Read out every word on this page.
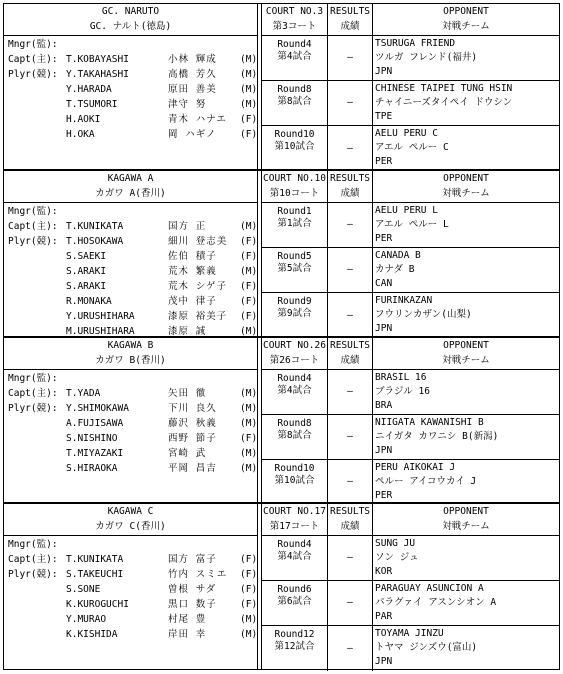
GC. NARUTO
GC. ナルト(徳島)
Mngr(監):
Capt(主): T.KOBAYASHI	小林 輝成	(M)
Plyr(競): Y.TAKAHASHI	高橋 芳久	(M)
Y.HARADA	原田 善美	(M)
T.TSUMORI	津守 努	(M)
H.AOKI	青木 ハナエ	(F)
H.OKA	岡 ハギノ	(F)
COURT NO.3
第3コート
RESULTS
成績
OPPONENT
対戦チーム
Round4
第4試合	—
TSURUGA FRIEND
ツルガ フレンド(福井)
JPN
Round8
第8試合	—
CHINESE TAIPEI TUNG HSIN
チャイニーズタイペイ ドウシン
TPE
Round10
第10試合	—
AELU PERU C
アエル ペルー C
PER
KAGAWA A
カガワ A(香川)
Mngr(監):
Capt(主): T.KUNIKATA	国方 正	(M)
Plyr(競): T.HOSOKAWA	細川 登志美	(F)
S.SAEKI	佐伯 積子	(F)
S.ARAKI	荒木 繁義	(M)
S.ARAKI	荒木 シゲ子	(F)
R.MONAKA	茂中 律子	(F)
Y.URUSHIHARA	漆原 裕美子	(F)
M.URUSHIHARA	漆原 誠	(M)
COURT NO.10
第10コート
RESULTS
成績
OPPONENT
対戦チーム
Round1
第1試合	—
AELU PERU L
アエル ペルー L
PER
Round5
第5試合	—
CANADA B
カナダ B
CAN
Round9
第9試合	—
FURINKAZAN
フウリンカザン(山梨)
JPN
KAGAWA B
カガワ B(香川)
Mngr(監):
Capt(主): T.YADA	矢田 徹	(M)
Plyr(競): Y.SHIMOKAWA	下川 良久	(M)
A.FUJISAWA	藤沢 秋義	(M)
S.NISHINO	西野 節子	(F)
T.MIYAZAKI	宮崎 武	(M)
S.HIRAOKA	平岡 昌吉	(M)
COURT NO.26
第26コート
RESULTS
成績
OPPONENT
対戦チーム
Round4
第4試合	—
BRASIL 16
ブラジル 16
BRA
Round8
第8試合	—
NIIGATA KAWANISHI B
ニイガタ カワニシ B(新潟)
JPN
Round10
第10試合	—
PERU AIKOKAI J
ペルー アイコウカイ J
PER
KAGAWA C
カガワ C(香川)
Mngr(監):
Capt(主): T.KUNIKATA	国方 富子	(F)
Plyr(競): S.TAKEUCHI	竹内 スミエ	(F)
S.SONE	曽根 サダ	(F)
K.KUROGUCHI	黒口 数子	(F)
Y.MURAO	村尾 豊	(M)
K.KISHIDA	岸田 幸	(M)
COURT NO.17
第17コート
RESULTS
成績
OPPONENT
対戦チーム
Round4
第4試合	—
SUNG JU
ソン ジュ
KOR
Round6
第6試合	—
PARAGUAY ASUNCION A
パラグァイ アスンシオン A
PAR
Round12
第12試合	—
TOYAMA JINZU
トヤマ ジンズウ(富山)
JPN
